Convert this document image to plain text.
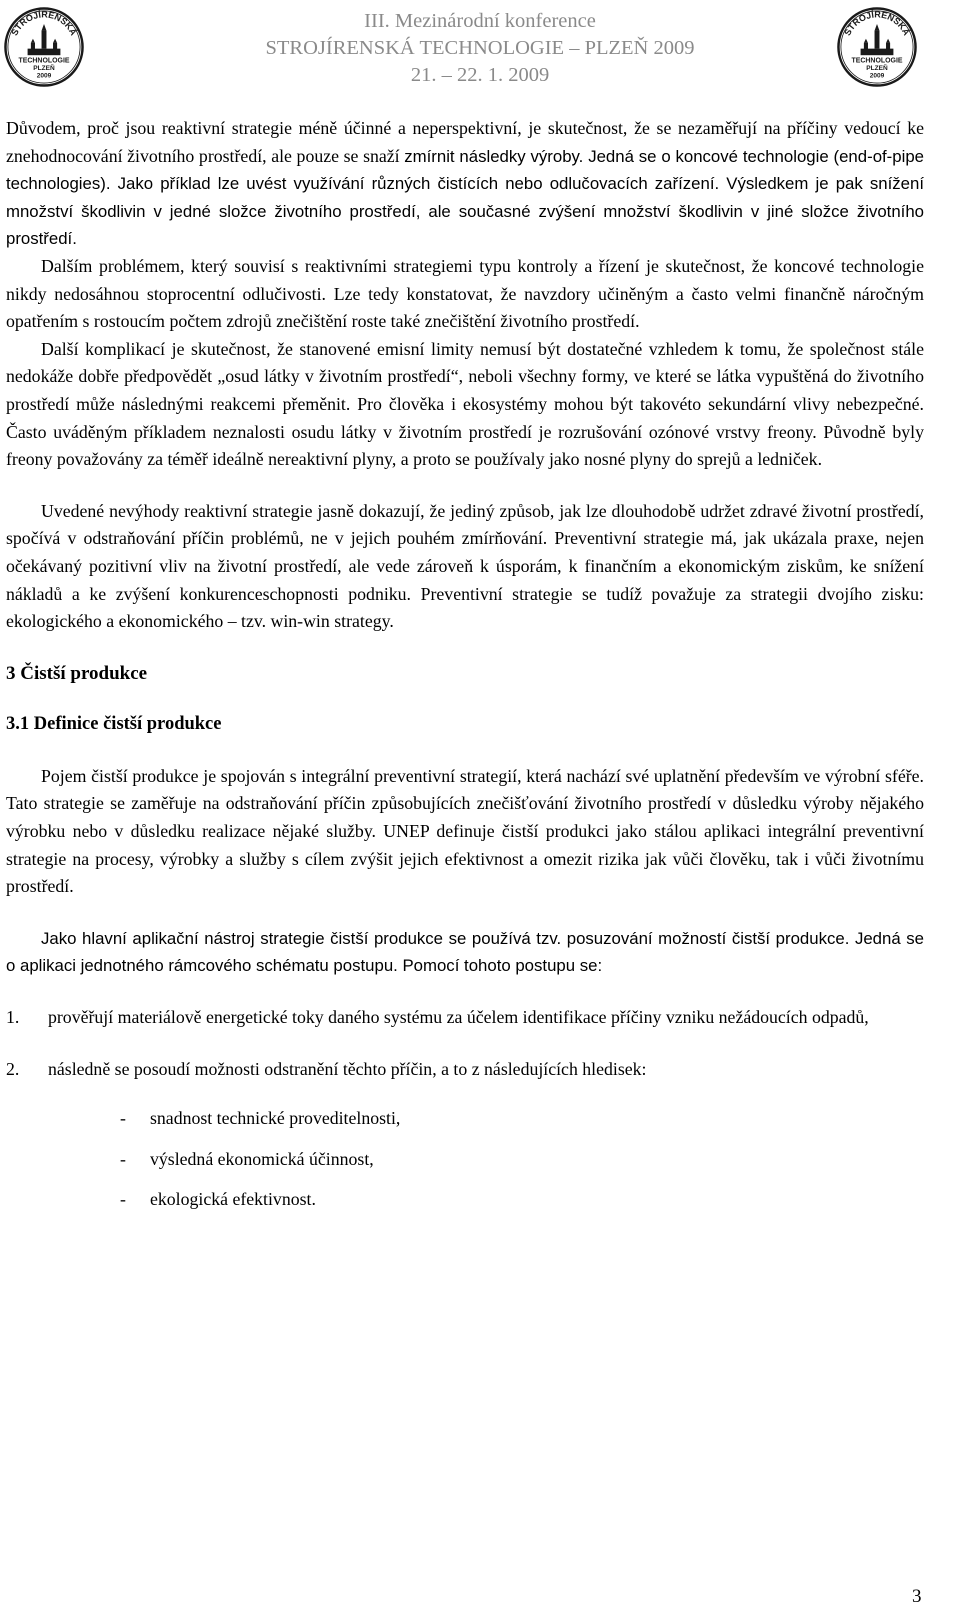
STROJÍRENSKÁ
TECHNOLOGIE
PLZEŇ
2009
III. Mezinárodní konference
STROJÍRENSKÁ TECHNOLOGIE – PLZEŇ 2009
21. – 22. 1. 2009
STROJÍRENSKÁ
TECHNOLOGIE
PLZEŇ
2009

Důvodem, proč jsou reaktivní strategie méně účinné a neperspektivní, je skutečnost, že se nezaměřují na příčiny vedoucí ke znehodnocování životního prostředí, ale pouze se snaží zmírnit následky výroby. Jedná se o koncové technologie (end-of-pipe technologies). Jako příklad lze uvést využívání různých čistících nebo odlučovacích zařízení. Výsledkem je pak snížení množství škodlivin v jedné složce životního prostředí, ale současné zvýšení množství škodlivin v jiné složce životního prostředí.

Dalším problémem, který souvisí s reaktivními strategiemi typu kontroly a řízení je skutečnost, že koncové technologie nikdy nedosáhnou stoprocentní odlučivosti. Lze tedy konstatovat, že navzdory učiněným a často velmi finančně náročným opatřením s rostoucím počtem zdrojů znečištění roste také znečištění životního prostředí.

Další komplikací je skutečnost, že stanovené emisní limity nemusí být dostatečné vzhledem k tomu, že společnost stále nedokáže dobře předpovědět „osud látky v životním prostředí“, neboli všechny formy, ve které se látka vypuštěná do životního prostředí může následnými reakcemi přeměnit. Pro člověka i ekosystémy mohou být takovéto sekundární vlivy nebezpečné. Často uváděným příkladem neznalosti osudu látky v životním prostředí je rozrušování ozónové vrstvy freony. Původně byly freony považovány za téměř ideálně nereaktivní plyny, a proto se používaly jako nosné plyny do sprejů a ledniček.

Uvedené nevýhody reaktivní strategie jasně dokazují, že jediný způsob, jak lze dlouhodobě udržet zdravé životní prostředí, spočívá v odstraňování příčin problémů, ne v jejich pouhém zmírňování. Preventivní strategie má, jak ukázala praxe, nejen očekávaný pozitivní vliv na životní prostředí, ale vede zároveň k úsporám, k finančním a ekonomickým ziskům, ke snížení nákladů a ke zvýšení konkurenceschopnosti podniku. Preventivní strategie se tudíž považuje za strategii dvojího zisku: ekologického a ekonomického – tzv. win-win strategy.

3 Čistší produkce
3.1 Definice čistší produkce

Pojem čistší produkce je spojován s integrální preventivní strategií, která nachází své uplatnění především ve výrobní sféře. Tato strategie se zaměřuje na odstraňování příčin způsobujících znečišťování životního prostředí v důsledku výroby nějakého výrobku nebo v důsledku realizace nějaké služby. UNEP definuje čistší produkci jako stálou aplikaci integrální preventivní strategie na procesy, výrobky a služby s cílem zvýšit jejich efektivnost a omezit rizika jak vůči člověku, tak i vůči životnímu prostředí.

Jako hlavní aplikační nástroj strategie čistší produkce se používá tzv. posuzování možností čistší produkce. Jedná se o aplikaci jednotného rámcového schématu postupu. Pomocí tohoto postupu se:

1. prověřují materiálově energetické toky daného systému za účelem identifikace příčiny vzniku nežádoucích odpadů,
2. následně se posoudí možnosti odstranění těchto příčin, a to z následujících hledisek:
- snadnost technické proveditelnosti,
- výsledná ekonomická účinnost,
- ekologická efektivnost.
3
